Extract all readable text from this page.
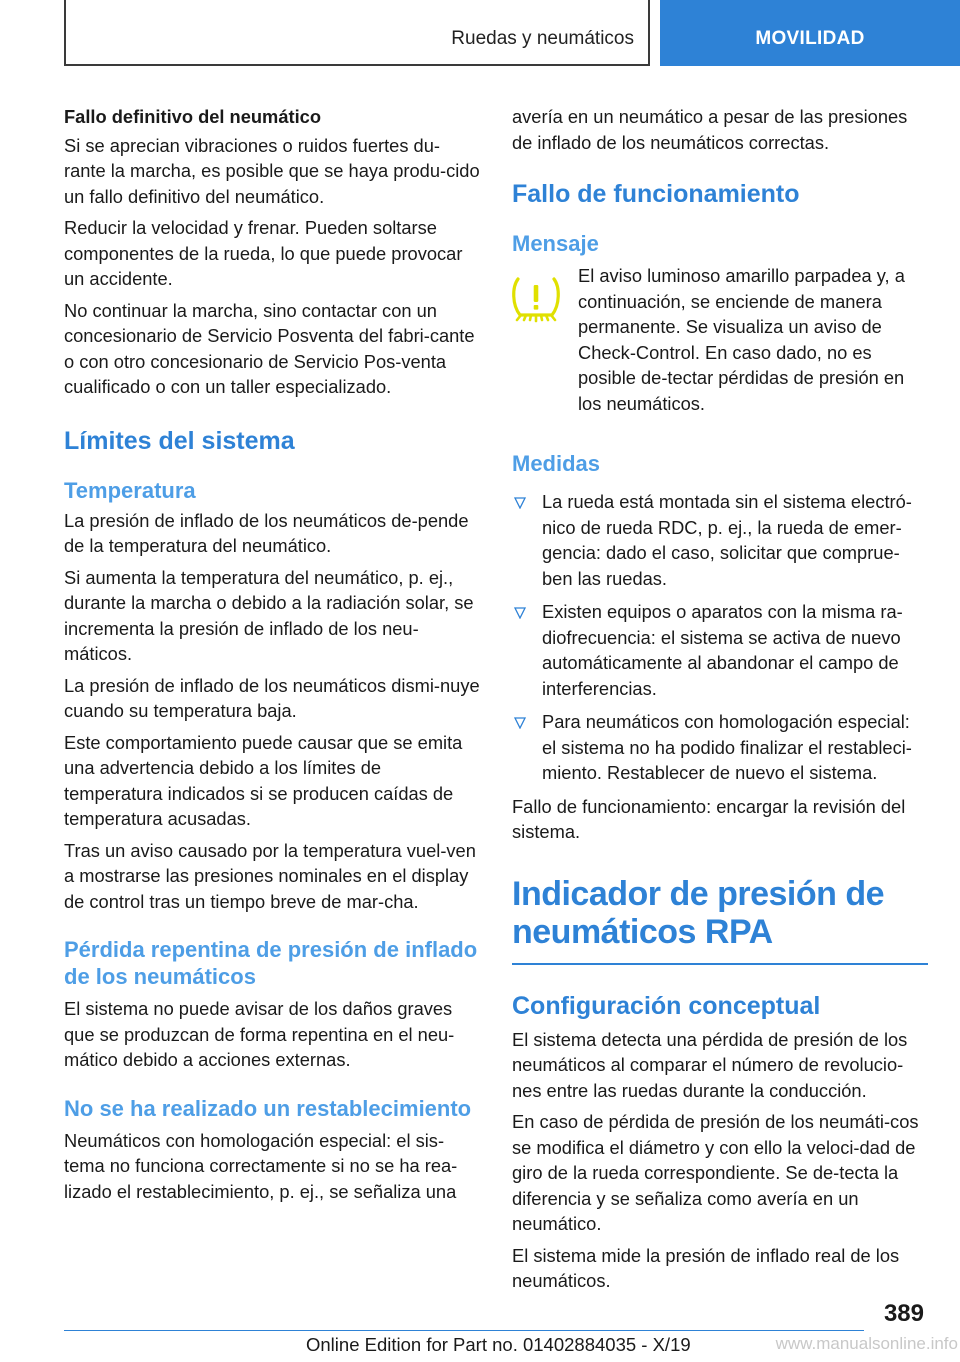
Ruedas y neumáticos	MOVILIDAD
Fallo definitivo del neumático

Si se aprecian vibraciones o ruidos fuertes du-rante la marcha, es posible que se haya produ-cido un fallo definitivo del neumático.

Reducir la velocidad y frenar. Pueden soltarse componentes de la rueda, lo que puede provocar un accidente.

No continuar la marcha, sino contactar con un concesionario de Servicio Posventa del fabri-cante o con otro concesionario de Servicio Pos-venta cualificado o con un taller especializado.

Límites del sistema
Temperatura

La presión de inflado de los neumáticos de-pende de la temperatura del neumático.

Si aumenta la temperatura del neumático, p. ej., durante la marcha o debido a la radiación solar, se incrementa la presión de inflado de los neu-máticos.

La presión de inflado de los neumáticos dismi-nuye cuando su temperatura baja.

Este comportamiento puede causar que se emita una advertencia debido a los límites de temperatura indicados si se producen caídas de temperatura acusadas.

Tras un aviso causado por la temperatura vuel-ven a mostrarse las presiones nominales en el display de control tras un tiempo breve de mar-cha.

Pérdida repentina de presión de inflado de los neumáticos

El sistema no puede avisar de los daños graves que se produzcan de forma repentina en el neu-mático debido a acciones externas.

No se ha realizado un restablecimiento

Neumáticos con homologación especial: el sis-tema no funciona correctamente si no se ha rea-lizado el restablecimiento, p. ej., se señaliza una

avería en un neumático a pesar de las presiones de inflado de los neumáticos correctas.

Fallo de funcionamiento
Mensaje
El aviso luminoso amarillo parpadea y, a continuación, se enciende de manera permanente. Se visualiza un aviso de Check-Control. En caso dado, no es posible de-tectar pérdidas de presión en los neumáticos.
Medidas
La rueda está montada sin el sistema electró-nico de rueda RDC, p. ej., la rueda de emer-gencia: dado el caso, solicitar que comprue-ben las ruedas.
Existen equipos o aparatos con la misma ra-diofrecuencia: el sistema se activa de nuevo automáticamente al abandonar el campo de interferencias.
Para neumáticos con homologación especial: el sistema no ha podido finalizar el restableci-miento. Restablecer de nuevo el sistema.

Fallo de funcionamiento: encargar la revisión del sistema.

Indicador de presión de neumáticos RPA
Configuración conceptual

El sistema detecta una pérdida de presión de los neumáticos al comparar el número de revolucio-nes entre las ruedas durante la conducción.

En caso de pérdida de presión de los neumáti-cos se modifica el diámetro y con ello la veloci-dad de giro de la rueda correspondiente. Se de-tecta la diferencia y se señaliza como avería en un neumático.

El sistema mide la presión de inflado real de los neumáticos.

389
Online Edition for Part no. 01402884035 - X/19	www.manualsonline.info
